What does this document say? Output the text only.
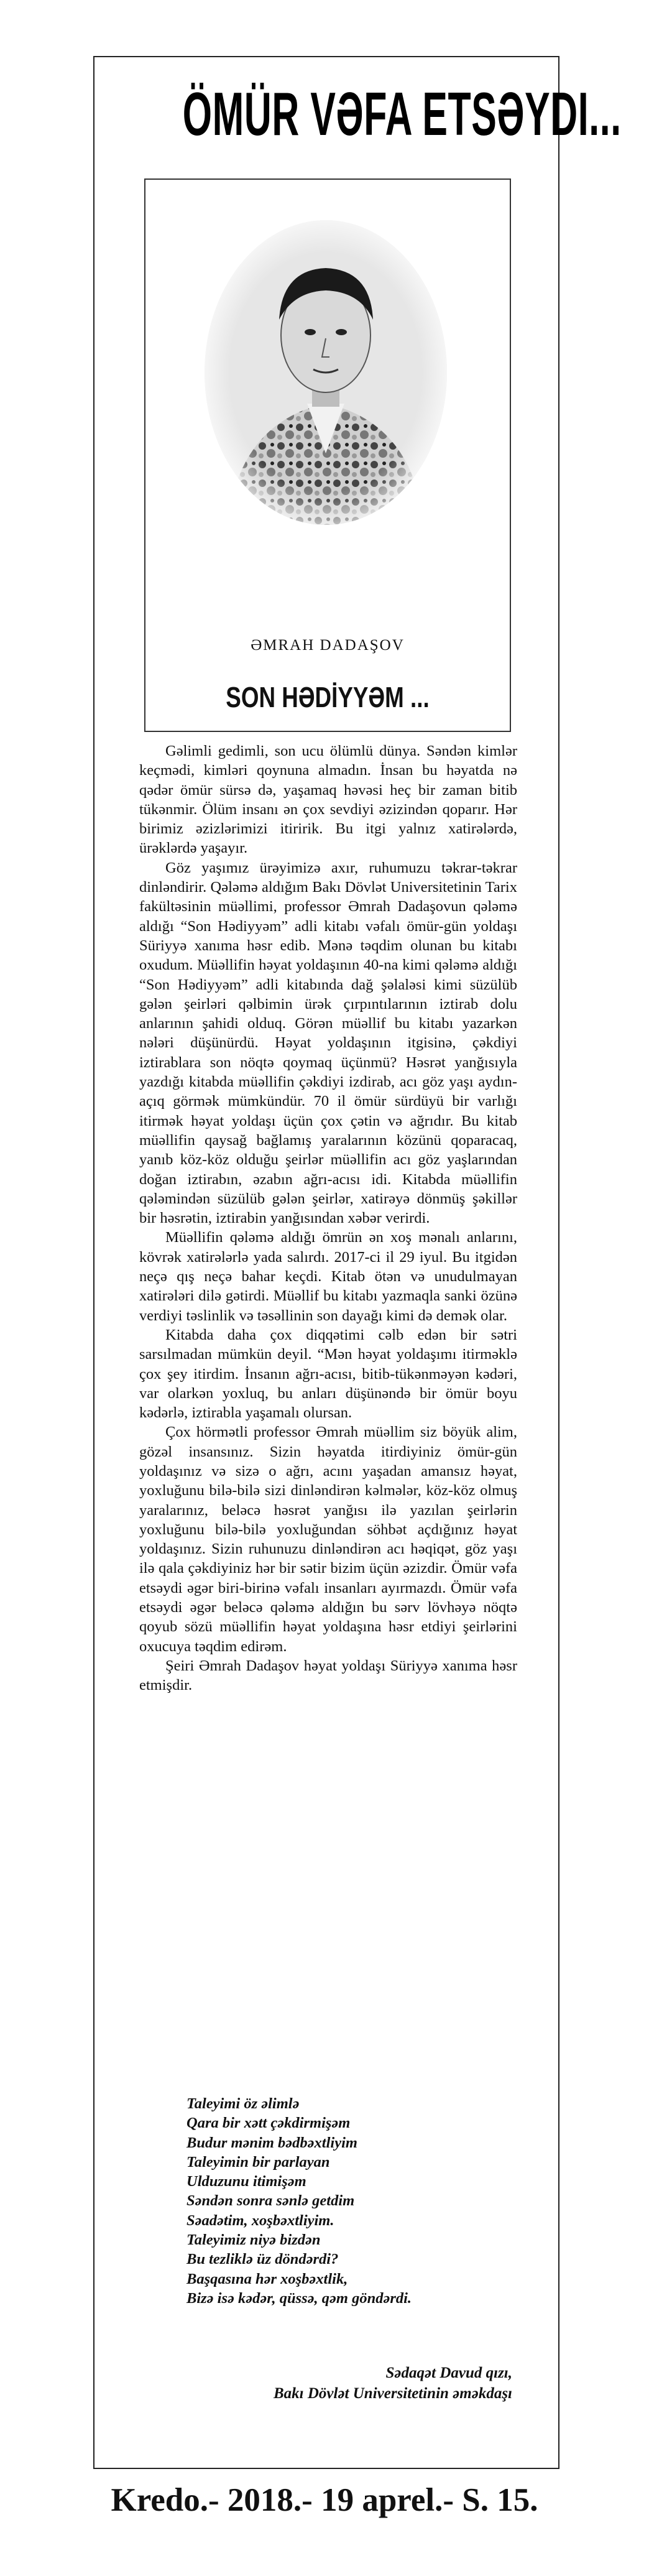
ÖMÜR VƏFA ETSƏYDI...
ƏMRAH DADAŞOV
SON HƏDİYYƏM ...

Gəlimli gedimli, son ucu ölümlü dünya. Səndən kimlər keçmədi, kimləri qoynuna almadın. İnsan bu həyatda nə qədər ömür sürsə də, yaşamaq həvəsi heç bir zaman bitib tükənmir. Ölüm insanı ən çox sevdiyi əzizindən qoparır. Hər birimiz əzizlərimizi itiririk. Bu itgi yalnız xatirələrdə, ürəklərdə yaşayır.

Göz yaşımız ürəyimizə axır, ruhumuzu təkrar-təkrar dinləndirir. Qələmə aldığım Bakı Dövlət Universitetinin Tarix fakültəsinin müəllimi, professor Əmrah Dadaşovun qələmə aldığı “Son Hədiyyəm” adli kitabı vəfalı ömür-gün yoldaşı Süriyyə xanıma həsr edib. Mənə təqdim olunan bu kitabı oxudum. Müəllifin həyat yoldaşının 40-na kimi qələmə aldığı “Son Hədiyyəm” adli kitabında dağ şəlaləsi kimi süzülüb gələn şeirləri qəlbimin ürək çırpıntılarının iztirab dolu anlarının şahidi olduq. Görən müəllif bu kitabı yazarkən nələri düşünürdü. Həyat yoldaşının itgisinə, çəkdiyi iztirablara son nöqtə qoymaq üçünmü? Həsrət yanğısıyla yazdığı kitabda müəllifin çəkdiyi izdirab, acı göz yaşı aydın-açıq görmək mümkündür. 70 il ömür sürdüyü bir varlığı itirmək həyat yoldaşı üçün çox çətin və ağrıdır. Bu kitab müəllifin qaysağ bağlamış yaralarının közünü qoparacaq, yanıb köz-köz olduğu şeirlər müəllifin acı göz yaşlarından doğan iztirabın, əzabın ağrı-acısı idi. Kitabda müəllifin qələmindən süzülüb gələn şeirlər, xatirəyə dönmüş şəkillər bir həsrətin, iztirabin yanğısından xəbər verirdi.

Müəllifin qələmə aldığı ömrün ən xoş mənalı anlarını, kövrək xatirələrlə yada salırdı. 2017-ci il 29 iyul. Bu itgidən neçə qış neçə bahar keçdi. Kitab ötən və unudulmayan xatirələri dilə gətirdi. Müəllif bu kitabı yazmaqla sanki özünə verdiyi təslinlik və təsəllinin son dayağı kimi də demək olar.

Kitabda daha çox diqqətimi cəlb edən bir sətri sarsılmadan mümkün deyil. “Mən həyat yoldaşımı itirməklə çox şey itirdim. İnsanın ağrı-acısı, bitib-tükənməyən kədəri, var olarkən yoxluq, bu anları düşünəndə bir ömür boyu kədərlə, iztirabla yaşamalı olursan.

Çox hörmətli professor Əmrah müəllim siz böyük alim, gözəl insansınız. Sizin həyatda itirdiyiniz ömür-gün yoldaşınız və sizə o ağrı, acını yaşadan amansız həyat, yoxluğunu bilə-bilə sizi dinləndirən kəlmələr, köz-köz olmuş yaralarınız, beləcə həsrət yanğısı ilə yazılan şeirlərin yoxluğunu bilə-bilə yoxluğundan söhbət açdığınız həyat yoldaşınız. Sizin ruhunuzu dinləndirən acı həqiqət, göz yaşı ilə qala çəkdiyiniz hər bir sətir bizim üçün əzizdir. Ömür vəfa etsəydi əgər biri-birinə vəfalı insanları ayırmazdı. Ömür vəfa etsəydi əgər beləcə qələmə aldığın bu sərv lövhəyə nöqtə qoyub sözü müəllifin həyat yoldaşına həsr etdiyi şeirlərini oxucuya təqdim edirəm.

Şeiri Əmrah Dadaşov həyat yoldaşı Süriyyə xanıma həsr etmişdir.

Taleyimi öz əlimlə
Qara bir xətt çəkdirmişəm
Budur mənim bədbəxtliyim
Taleyimin bir parlayan
Ulduzunu itimişəm
Səndən sonra sənlə getdim
Səadətim, xoşbəxtliyim.
Taleyimiz niyə bizdən
Bu tezliklə üz döndərdi?
Başqasına hər xoşbəxtlik,
Bizə isə kədər, qüssə, qəm göndərdi.
Sədaqət Davud qızı,
Bakı Dövlət Universitetinin əməkdaşı
Kredo.- 2018.- 19 aprel.- S. 15.
